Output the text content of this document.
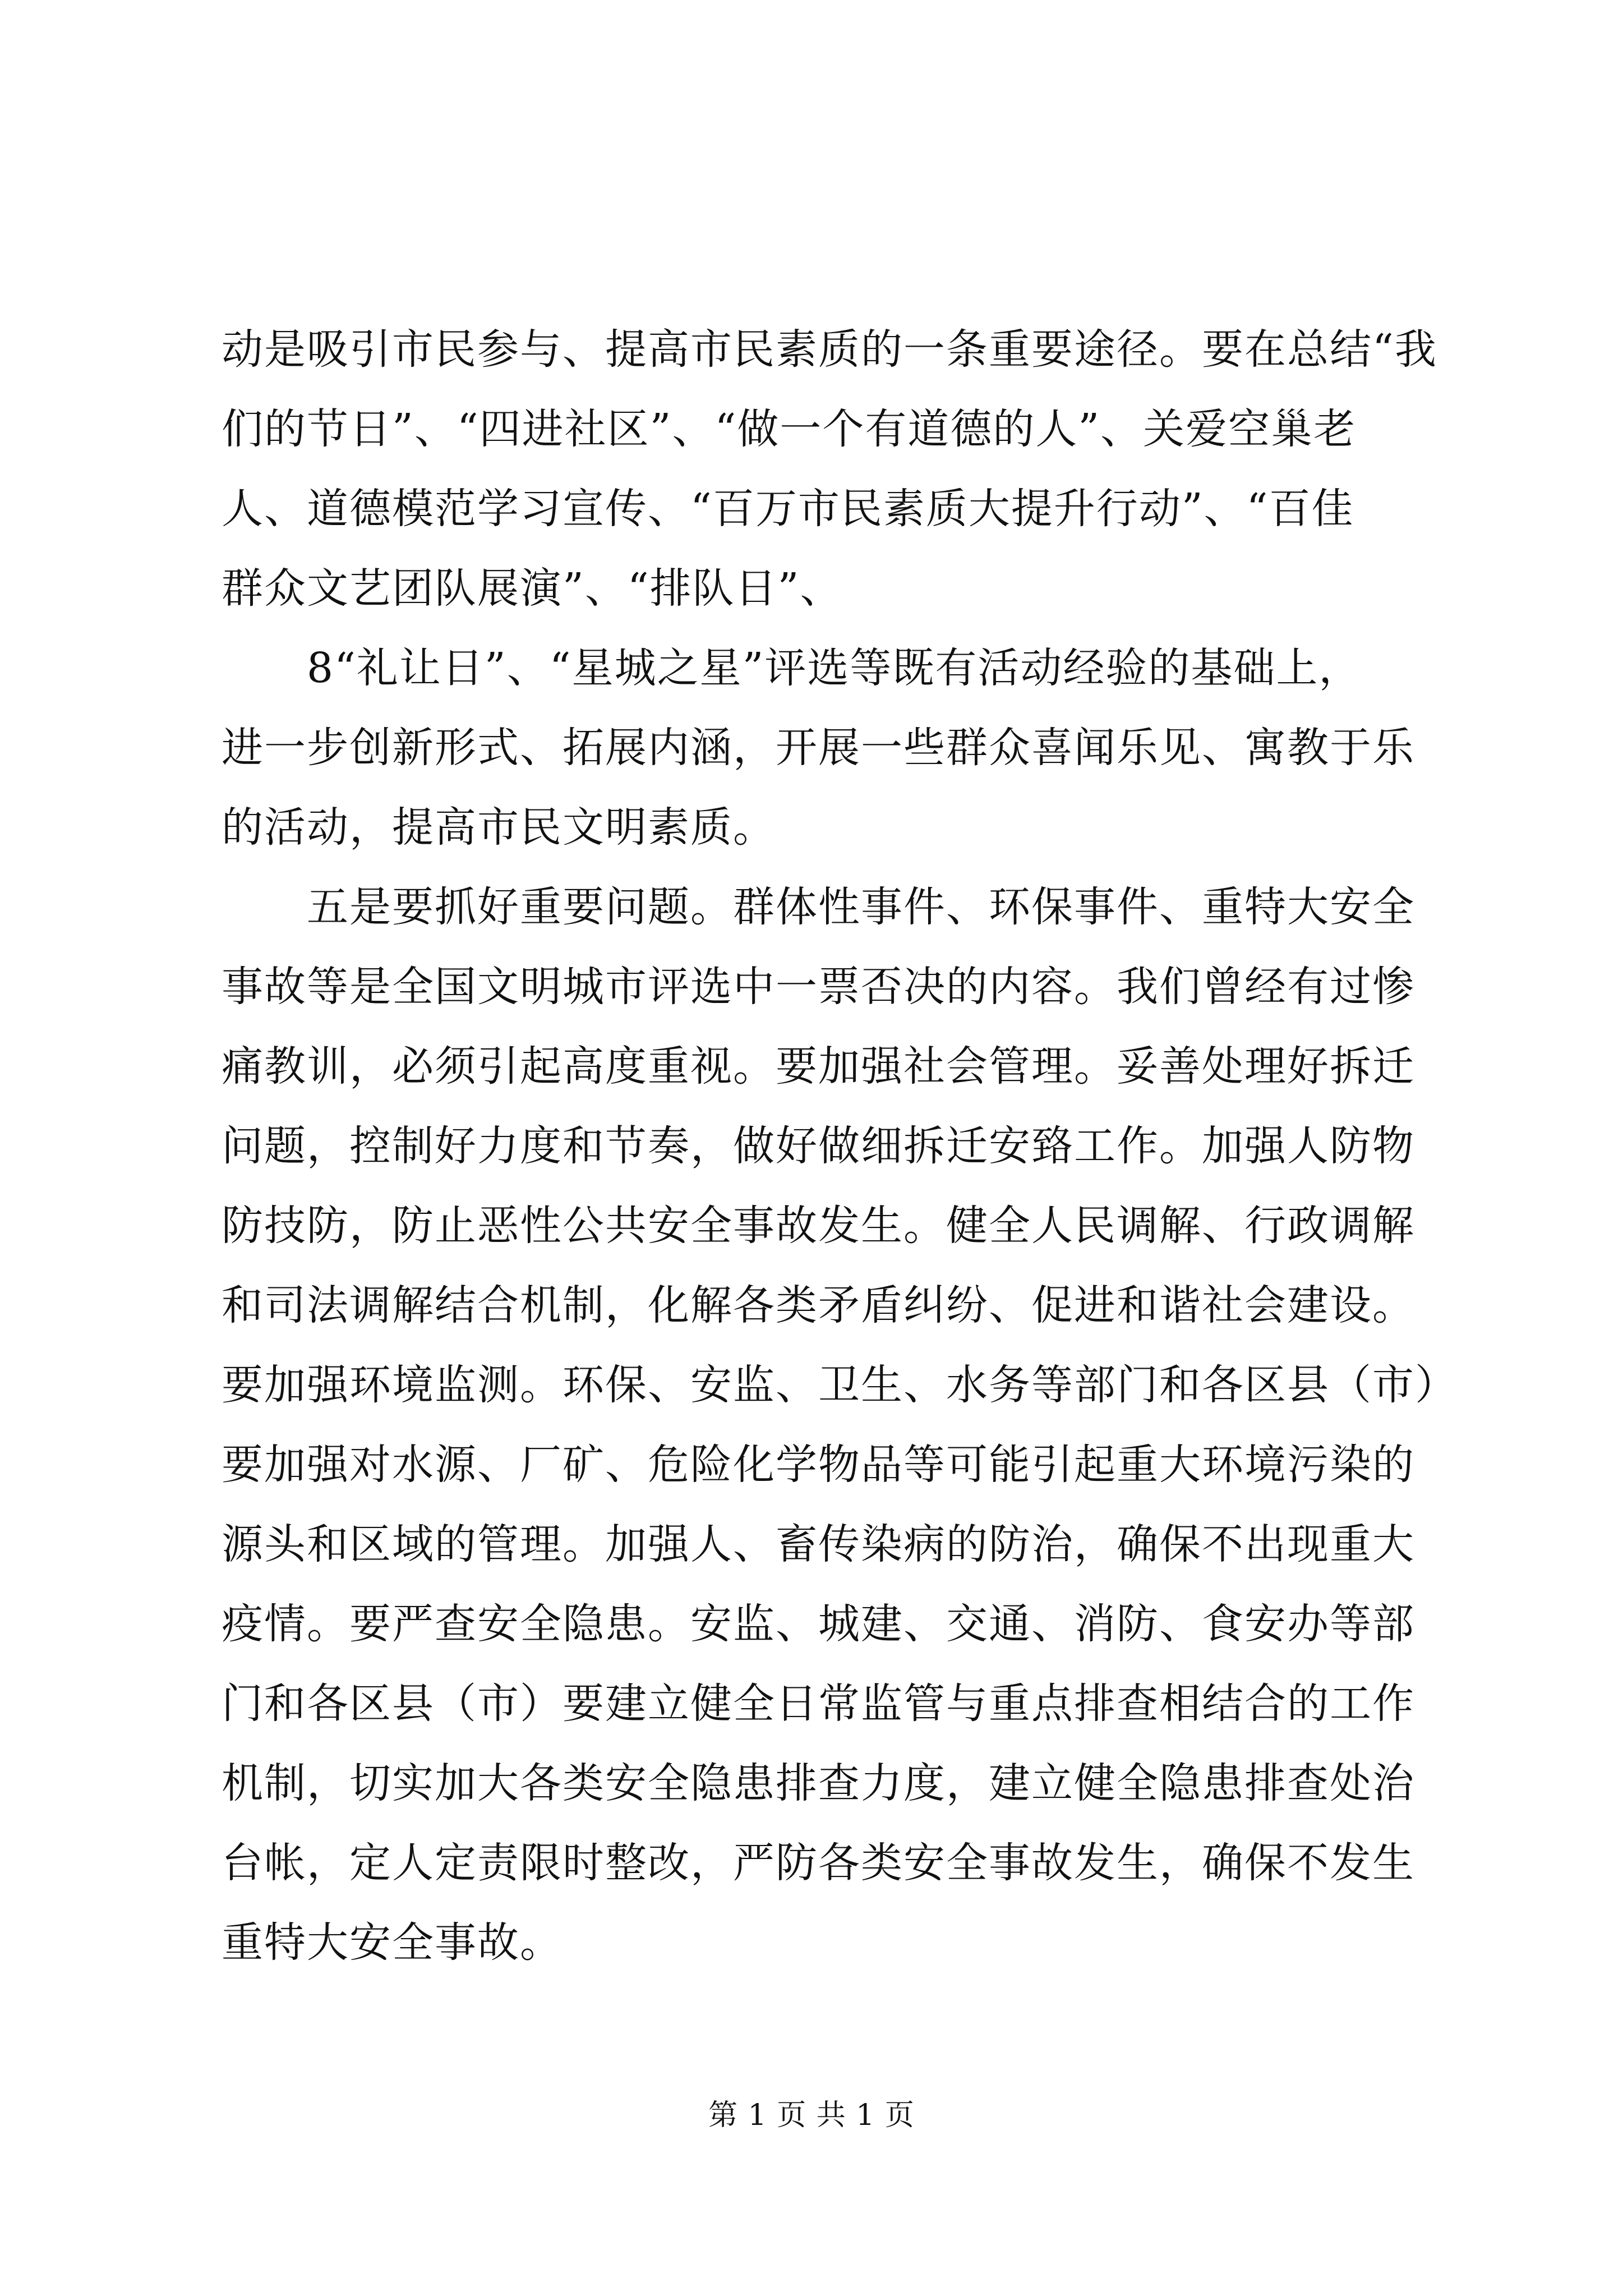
动是吸引市民参与、提高市民素质的一条重要途径。要在总结“我
们的节日”、“四进社区”、“做一个有道德的人”、关爱空巢老
人、道德模范学习宣传、“百万市民素质大提升行动”、“百佳
群众文艺团队展演”、“排队日”、
　　8“礼让日”、“星城之星”评选等既有活动经验的基础上，
进一步创新形式、拓展内涵，开展一些群众喜闻乐见、寓教于乐
的活动，提高市民文明素质。
　　五是要抓好重要问题。群体性事件、环保事件、重特大安全
事故等是全国文明城市评选中一票否决的内容。我们曾经有过惨
痛教训，必须引起高度重视。要加强社会管理。妥善处理好拆迁
问题，控制好力度和节奏，做好做细拆迁安臵工作。加强人防物
防技防，防止恶性公共安全事故发生。健全人民调解、行政调解
和司法调解结合机制，化解各类矛盾纠纷、促进和谐社会建设。
要加强环境监测。环保、安监、卫生、水务等部门和各区县（市）
要加强对水源、厂矿、危险化学物品等可能引起重大环境污染的
源头和区域的管理。加强人、畜传染病的防治，确保不出现重大
疫情。要严查安全隐患。安监、城建、交通、消防、食安办等部
门和各区县（市）要建立健全日常监管与重点排查相结合的工作
机制，切实加大各类安全隐患排查力度，建立健全隐患排查处治
台帐，定人定责限时整改，严防各类安全事故发生，确保不发生
重特大安全事故。
第 1 页 共 1 页
